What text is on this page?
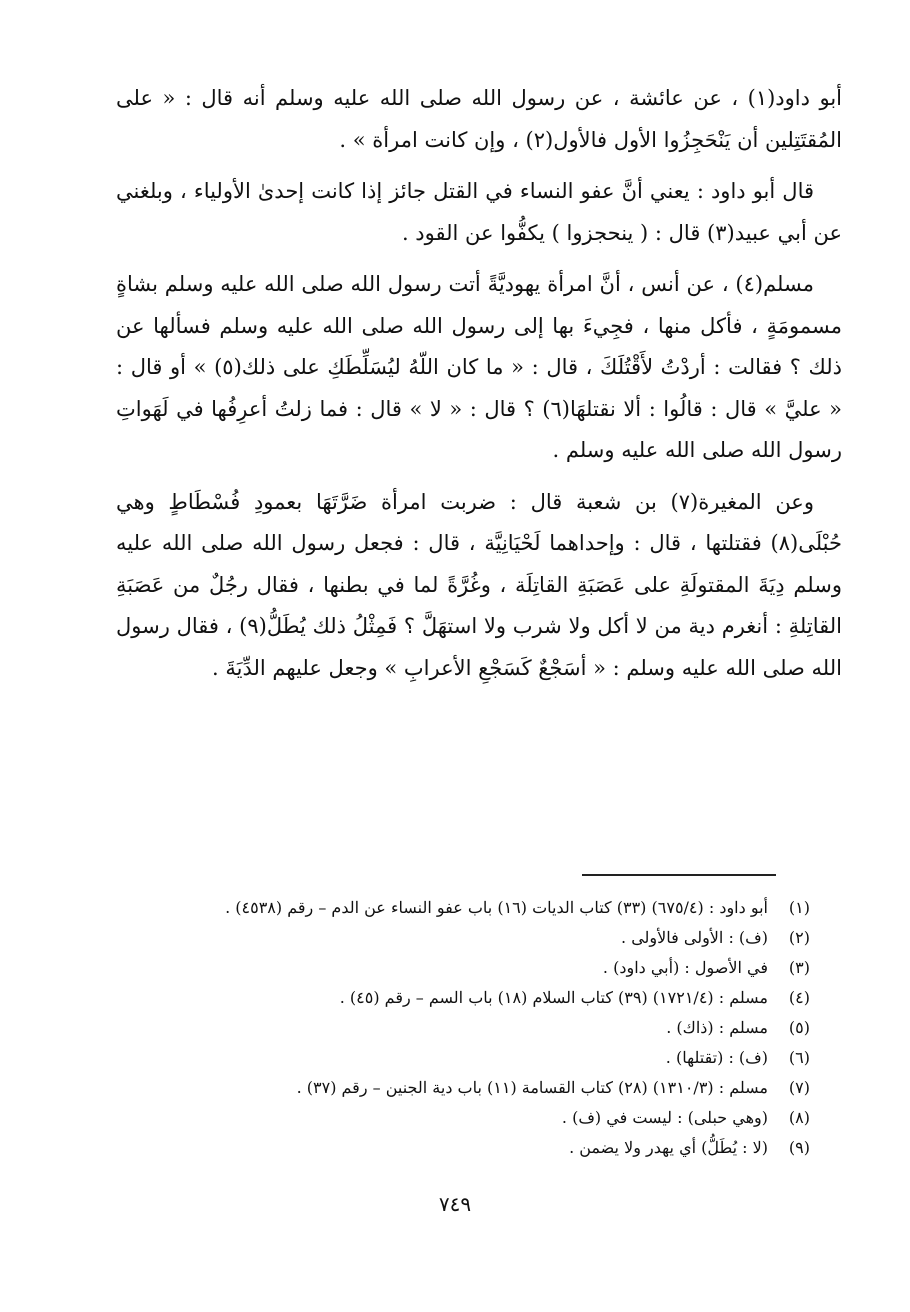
أبو داود(١) ، عن عائشة ، عن رسول الله صلى الله عليه وسلم أنه قال : « على المُقتَتِلين أن يَنْحَجِزُوا الأول فالأول(٢) ، وإن كانت امرأة » .

قال أبو داود : يعني أنَّ عفو النساء في القتل جائز إذا كانت إحدىٰ الأولياء ، وبلغني عن أبي عبيد(٣) قال : ( ينحجزوا ) يكفُّوا عن القود .

مسلم(٤) ، عن أنس ، أنَّ امرأة يهوديَّةً أتت رسول الله صلى الله عليه وسلم بشاةٍ مسمومَةٍ ، فأكل منها ، فجِيءَ بها إلى رسول الله صلى الله عليه وسلم فسألها عن ذلك ؟ فقالت : أردْتُ لأَقْتُلَكَ ، قال : « ما كان اللّهُ ليُسَلِّطَكِ على ذلك(٥) » أو قال : « عليَّ » قال : قالُوا : ألا نقتلهَا(٦) ؟ قال : « لا » قال : فما زلتُ أعرِفُها في لَهَواتِ رسول الله صلى الله عليه وسلم .

وعن المغيرة(٧) بن شعبة قال : ضربت امرأة ضَرَّتَهَا بعمودِ فُسْطَاطٍ وهي حُبْلَى(٨) فقتلتها ، قال : وإحداهما لَحْيَانِيَّة ، قال : فجعل رسول الله صلى الله عليه وسلم دِيَةَ المقتولَةِ على عَصَبَةِ القاتِلَة ، وغُرَّةً لما في بطنها ، فقال رجُلٌ من عَصَبَةِ القاتِلةِ : أنغرم دية من لا أكل ولا شرب ولا استهَلَّ ؟ فَمِثْلُ ذلك يُطَلُّ(٩) ، فقال رسول الله صلى الله عليه وسلم : « أسَجْعٌ كَسَجْعِ الأعرابِ » وجعل عليهم الدِّيَةَ .

(١)
أبو داود : (٦٧٥/٤) (٣٣) كتاب الديات (١٦) باب عفو النساء عن الدم – رقم (٤٥٣٨) .
(٢)
(ف) : الأولى فالأولى .
(٣)
في الأصول : (أبي داود) .
(٤)
مسلم : (١٧٢١/٤) (٣٩) كتاب السلام (١٨) باب السم – رقم (٤٥) .
(٥)
مسلم : (ذاك) .
(٦)
(ف) : (تقتلها) .
(٧)
مسلم : (١٣١٠/٣) (٢٨) كتاب القسامة (١١) باب دية الجنين – رقم (٣٧) .
(٨)
(وهي حبلى) : ليست في (ف) .
(٩)
(لا : يُطَلُّ) أي يهدر ولا يضمن .
٧٤٩
